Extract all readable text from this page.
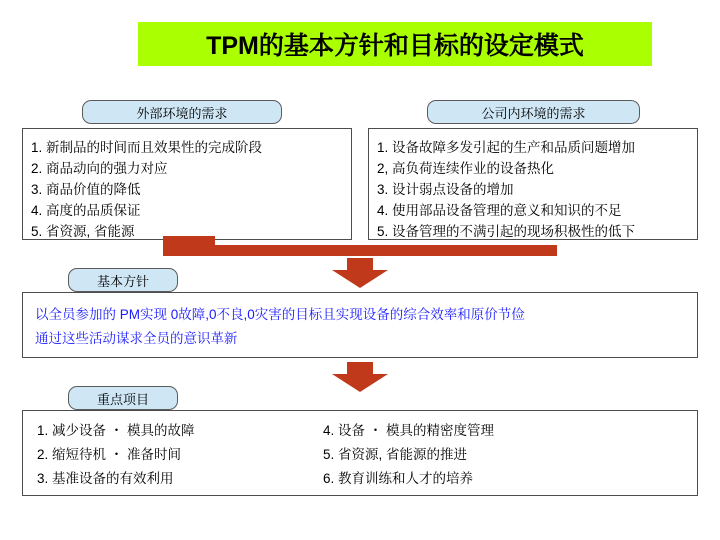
TPM的基本方针和目标的设定模式
外部环境的需求
1. 新制品的时间而且效果性的完成阶段
2. 商品动向的强力对应
3. 商品价值的降低
4. 高度的品质保证
5. 省资源, 省能源
公司内环境的需求
1. 设备故障多发引起的生产和品质问题增加
2, 高负荷连续作业的设备热化
3. 设计弱点设备的增加
4. 使用部品设备管理的意义和知识的不足
5. 设备管理的不满引起的现场积极性的低下
基本方针
以全员参加的 PM实现 0故障,0不良,0灾害的目标且实现设备的综合效率和原价节俭
通过这些活动谋求全员的意识革新
重点项目
1. 减少设备 ・ 模具的故障	4. 设备 ・ 模具的精密度管理
2. 缩短待机 ・ 准备时间	5. 省资源, 省能源的推进
3. 基准设备的有效利用	6. 教育训练和人才的培养
